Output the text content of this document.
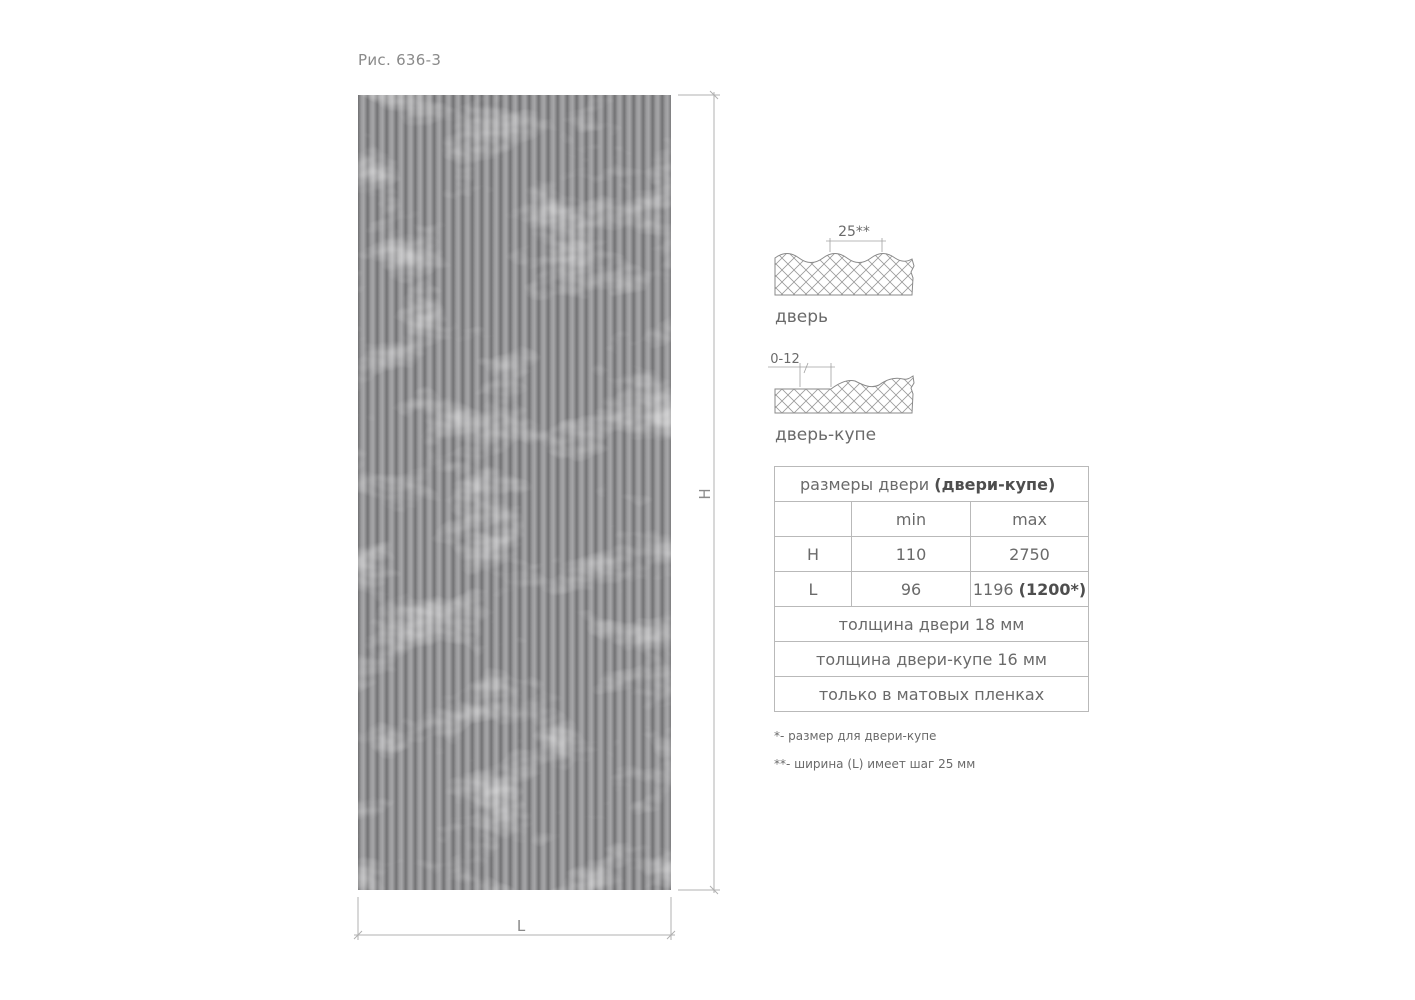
Рис. 636-3
H
L
25**
дверь
0-12
дверь-купе
размеры двери (двери-купе)		
	min	max
H	110	2750
L	96	1196 (1200*)
толщина двери 18 мм		
толщина двери-купе 16 мм		
только в матовых пленках		
*- размер для двери-купе
**- ширина (L) имеет шаг 25 мм
